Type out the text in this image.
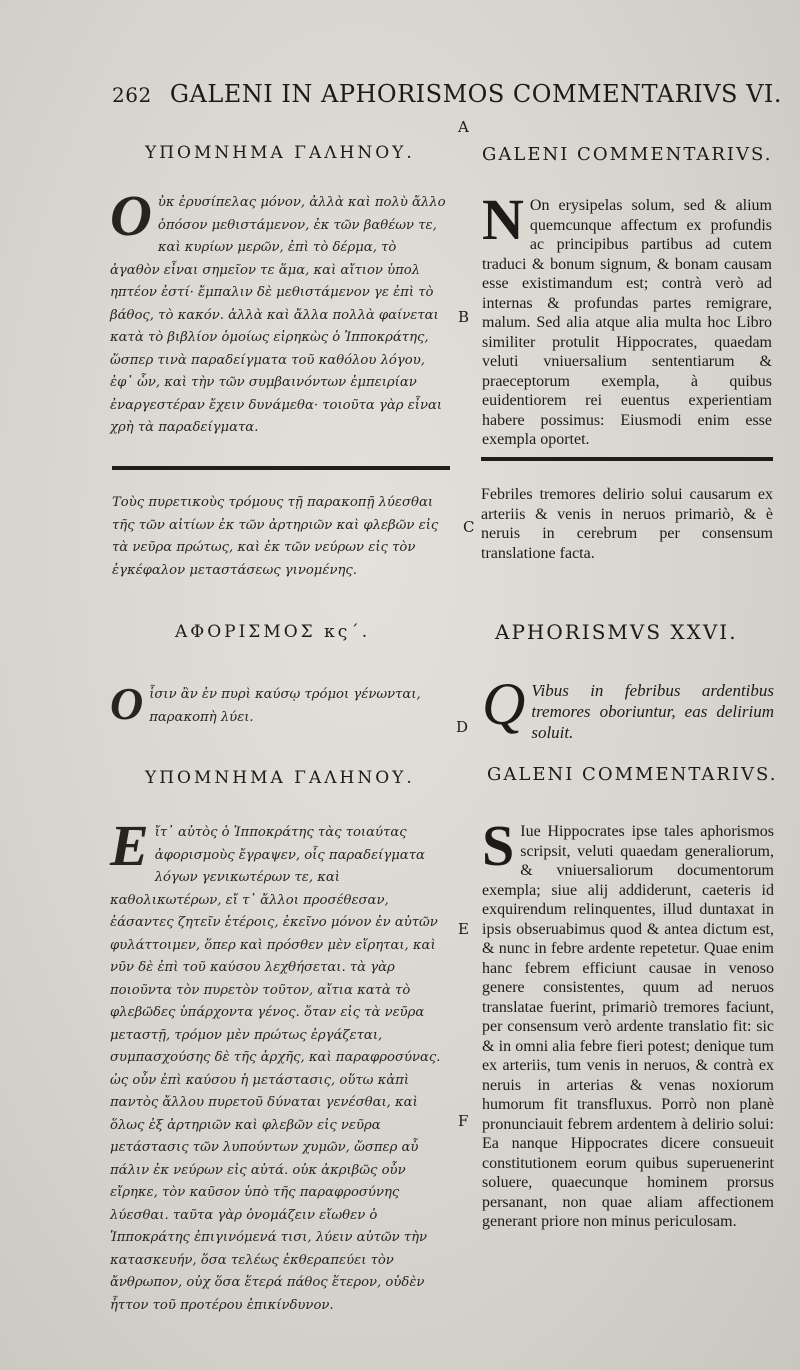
262 GALENI IN APHORISMOS COMMENTARIVS VI.
A
B
C
D
E
F
ΥΠΟΜΝΗΜΑ ΓΑΛΗΝΟΥ.	GALENI COMMENTARIVS.
Oὐκ ἐρυσίπελας μόνον, ἀλλὰ καὶ πολὺ ἄλλο ὁπόσον μεθιστάμενον, ἐκ τῶν βαθέων τε, καὶ κυρίων μερῶν, ἐπὶ τὸ δέρμα, τὸ ἀγαθὸν εἶναι σημεῖον τε ἅμα, καὶ αἴτιον ὑπολ ηπτέον ἐστί· ἔμπαλιν δὲ μεθιστάμενον γε ἐπὶ τὸ βάθος, τὸ κακόν. ἀλλὰ καὶ ἄλλα πολλὰ φαίνεται κατὰ τὸ βιβλίον ὁμοίως εἰρηκὼς ὁ Ἱπποκράτης, ὥσπερ τινὰ παραδείγματα τοῦ καθόλου λόγου, ἐφ᾽ ὧν, καὶ τὴν τῶν συμβαινόντων ἐμπειρίαν ἐναργεστέραν ἔχειν δυνάμεθα· τοιοῦτα γὰρ εἶναι χρὴ τὰ παραδείγματα.
N On erysipelas solum, sed & alium quemcunque affectum ex profundis ac principibus partibus ad cutem traduci & bonum signum, & bonam causam esse existimandum est; contrà verò ad internas & profundas partes remigrare, malum. Sed alia atque alia multa hoc Libro similiter protulit Hippocrates, quaedam veluti vniuersalium sententiarum & praeceptorum exempla, à quibus euidentiorem rei euentus experientiam habere possimus: Eiusmodi enim esse exempla oportet.
Τοὺς πυρετικοὺς τρόμους τῇ παρακοπῇ λύεσθαι τῆς τῶν αἰτίων ἐκ τῶν ἀρτηριῶν καὶ φλεβῶν εἰς τὰ νεῦρα πρώτως, καὶ ἐκ τῶν νεύρων εἰς τὸν ἐγκέφαλον μεταστάσεως γινομένης.
Febriles tremores delirio solui causarum ex arteriis & venis in neruos primariò, & è neruis in cerebrum per consensum translatione facta.
ΑΦΟΡΙΣΜΟΣ κς΄.	APHORISMVS XXVI.
Oἷσιν ἂν ἐν πυρὶ καύσῳ τρόμοι γένωνται, παρακοπὴ λύει.	Q Vibus in febribus ardentibus tremores oboriuntur, eas delirium soluit.
ΥΠΟΜΝΗΜΑ ΓΑΛΗΝΟΥ.	GALENI COMMENTARIVS.
Eἴτ᾽ αὐτὸς ὁ Ἱπποκράτης τὰς τοιαύτας ἀφορισμοὺς ἔγραψεν, οἷς παραδείγματα λόγων γενικωτέρων τε, καὶ καθολικωτέρων, εἴ τ᾽ ἄλλοι προσέθεσαν, ἐάσαντες ζητεῖν ἑτέροις, ἐκεῖνο μόνον ἐν αὐτῶν φυλάττοιμεν, ὅπερ καὶ πρόσθεν μὲν εἴρηται, καὶ νῦν δὲ ἐπὶ τοῦ καύσου λεχθήσεται. τὰ γὰρ ποιοῦντα τὸν πυρετὸν τοῦτον, αἴτια κατὰ τὸ φλεβῶδες ὑπάρχοντα γένος. ὅταν εἰς τὰ νεῦρα μεταστῇ, τρόμον μὲν πρώτως ἐργάζεται, συμπασχούσης δὲ τῆς ἀρχῆς, καὶ παραφροσύνας. ὡς οὖν ἐπὶ καύσου ἡ μετάστασις, οὕτω κἀπὶ παντὸς ἄλλου πυρετοῦ δύναται γενέσθαι, καὶ ὅλως ἐξ ἀρτηριῶν καὶ φλεβῶν εἰς νεῦρα μετάστασις τῶν λυπούντων χυμῶν, ὥσπερ αὖ πάλιν ἐκ νεύρων εἰς αὐτά. οὐκ ἀκριβῶς οὖν εἴρηκε, τὸν καῦσον ὑπὸ τῆς παραφροσύνης λύεσθαι. ταῦτα γὰρ ὀνομάζειν εἴωθεν ὁ Ἱπποκράτης ἐπιγινόμενά τισι, λύειν αὐτῶν τὴν κατασκευήν, ὅσα τελέως ἐκθεραπεύει τὸν ἄνθρωπον, οὐχ ὅσα ἕτερά πάθος ἕτερον, οὐδὲν ἧττον τοῦ προτέρου ἐπικίνδυνον.
S Iue Hippocrates ipse tales aphorismos scripsit, veluti quaedam generaliorum, & vniuersaliorum documentorum exempla; siue alij addiderunt, caeteris id exquirendum relinquentes, illud duntaxat in ipsis obseruabimus quod & antea dictum est, & nunc in febre ardente repetetur. Quae enim hanc febrem efficiunt causae in venoso genere consistentes, quum ad neruos translatae fuerint, primariò tremores faciunt, per consensum verò ardente translatio fit: sic & in omni alia febre fieri potest; denique tum ex arteriis, tum venis in neruos, & contrà ex neruis in arterias & venas noxiorum humorum fit transfluxus. Porrò non planè pronunciauit febrem ardentem à delirio solui: Ea nanque Hippocrates dicere consueuit constitutionem eorum quibus superuenerint soluere, quaecunque hominem prorsus persanant, non quae aliam affectionem generant priore non minus periculosam.
